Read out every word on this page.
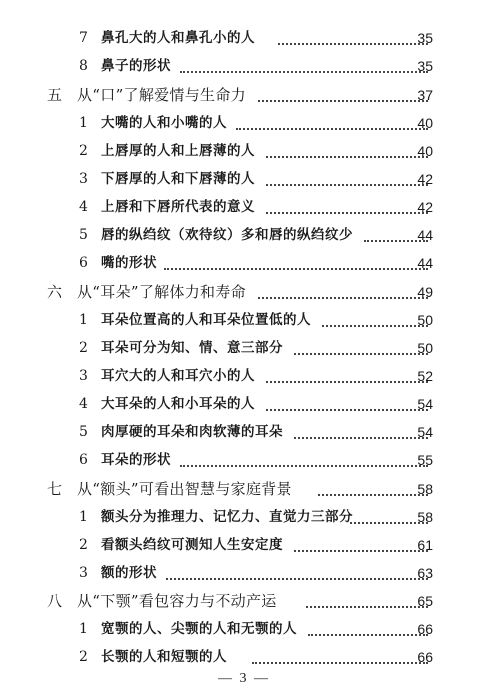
7 鼻孔大的人和鼻孔小的人	35
8 鼻子的形状	35
五 从“口”了解爱情与生命力	37
1 大嘴的人和小嘴的人	40
2 上唇厚的人和上唇薄的人	40
3 下唇厚的人和下唇薄的人	42
4 上唇和下唇所代表的意义	42
5 唇的纵绉纹（欢待纹）多和唇的纵绉纹少	44
6 嘴的形状	44
六 从“耳朵”了解体力和寿命	49
1 耳朵位置高的人和耳朵位置低的人	50
2 耳朵可分为知、情、意三部分	50
3 耳穴大的人和耳穴小的人	52
4 大耳朵的人和小耳朵的人	54
5 肉厚硬的耳朵和肉软薄的耳朵	54
6 耳朵的形状	55
七 从“额头”可看出智慧与家庭背景	58
1 额头分为推理力、记忆力、直觉力三部分	58
2 看额头绉纹可测知人生安定度	61
3 额的形状	63
八 从“下颚”看包容力与不动产运	65
1 宽颚的人、尖颚的人和无颚的人	66
2 长颚的人和短颚的人	66
— 3 —
